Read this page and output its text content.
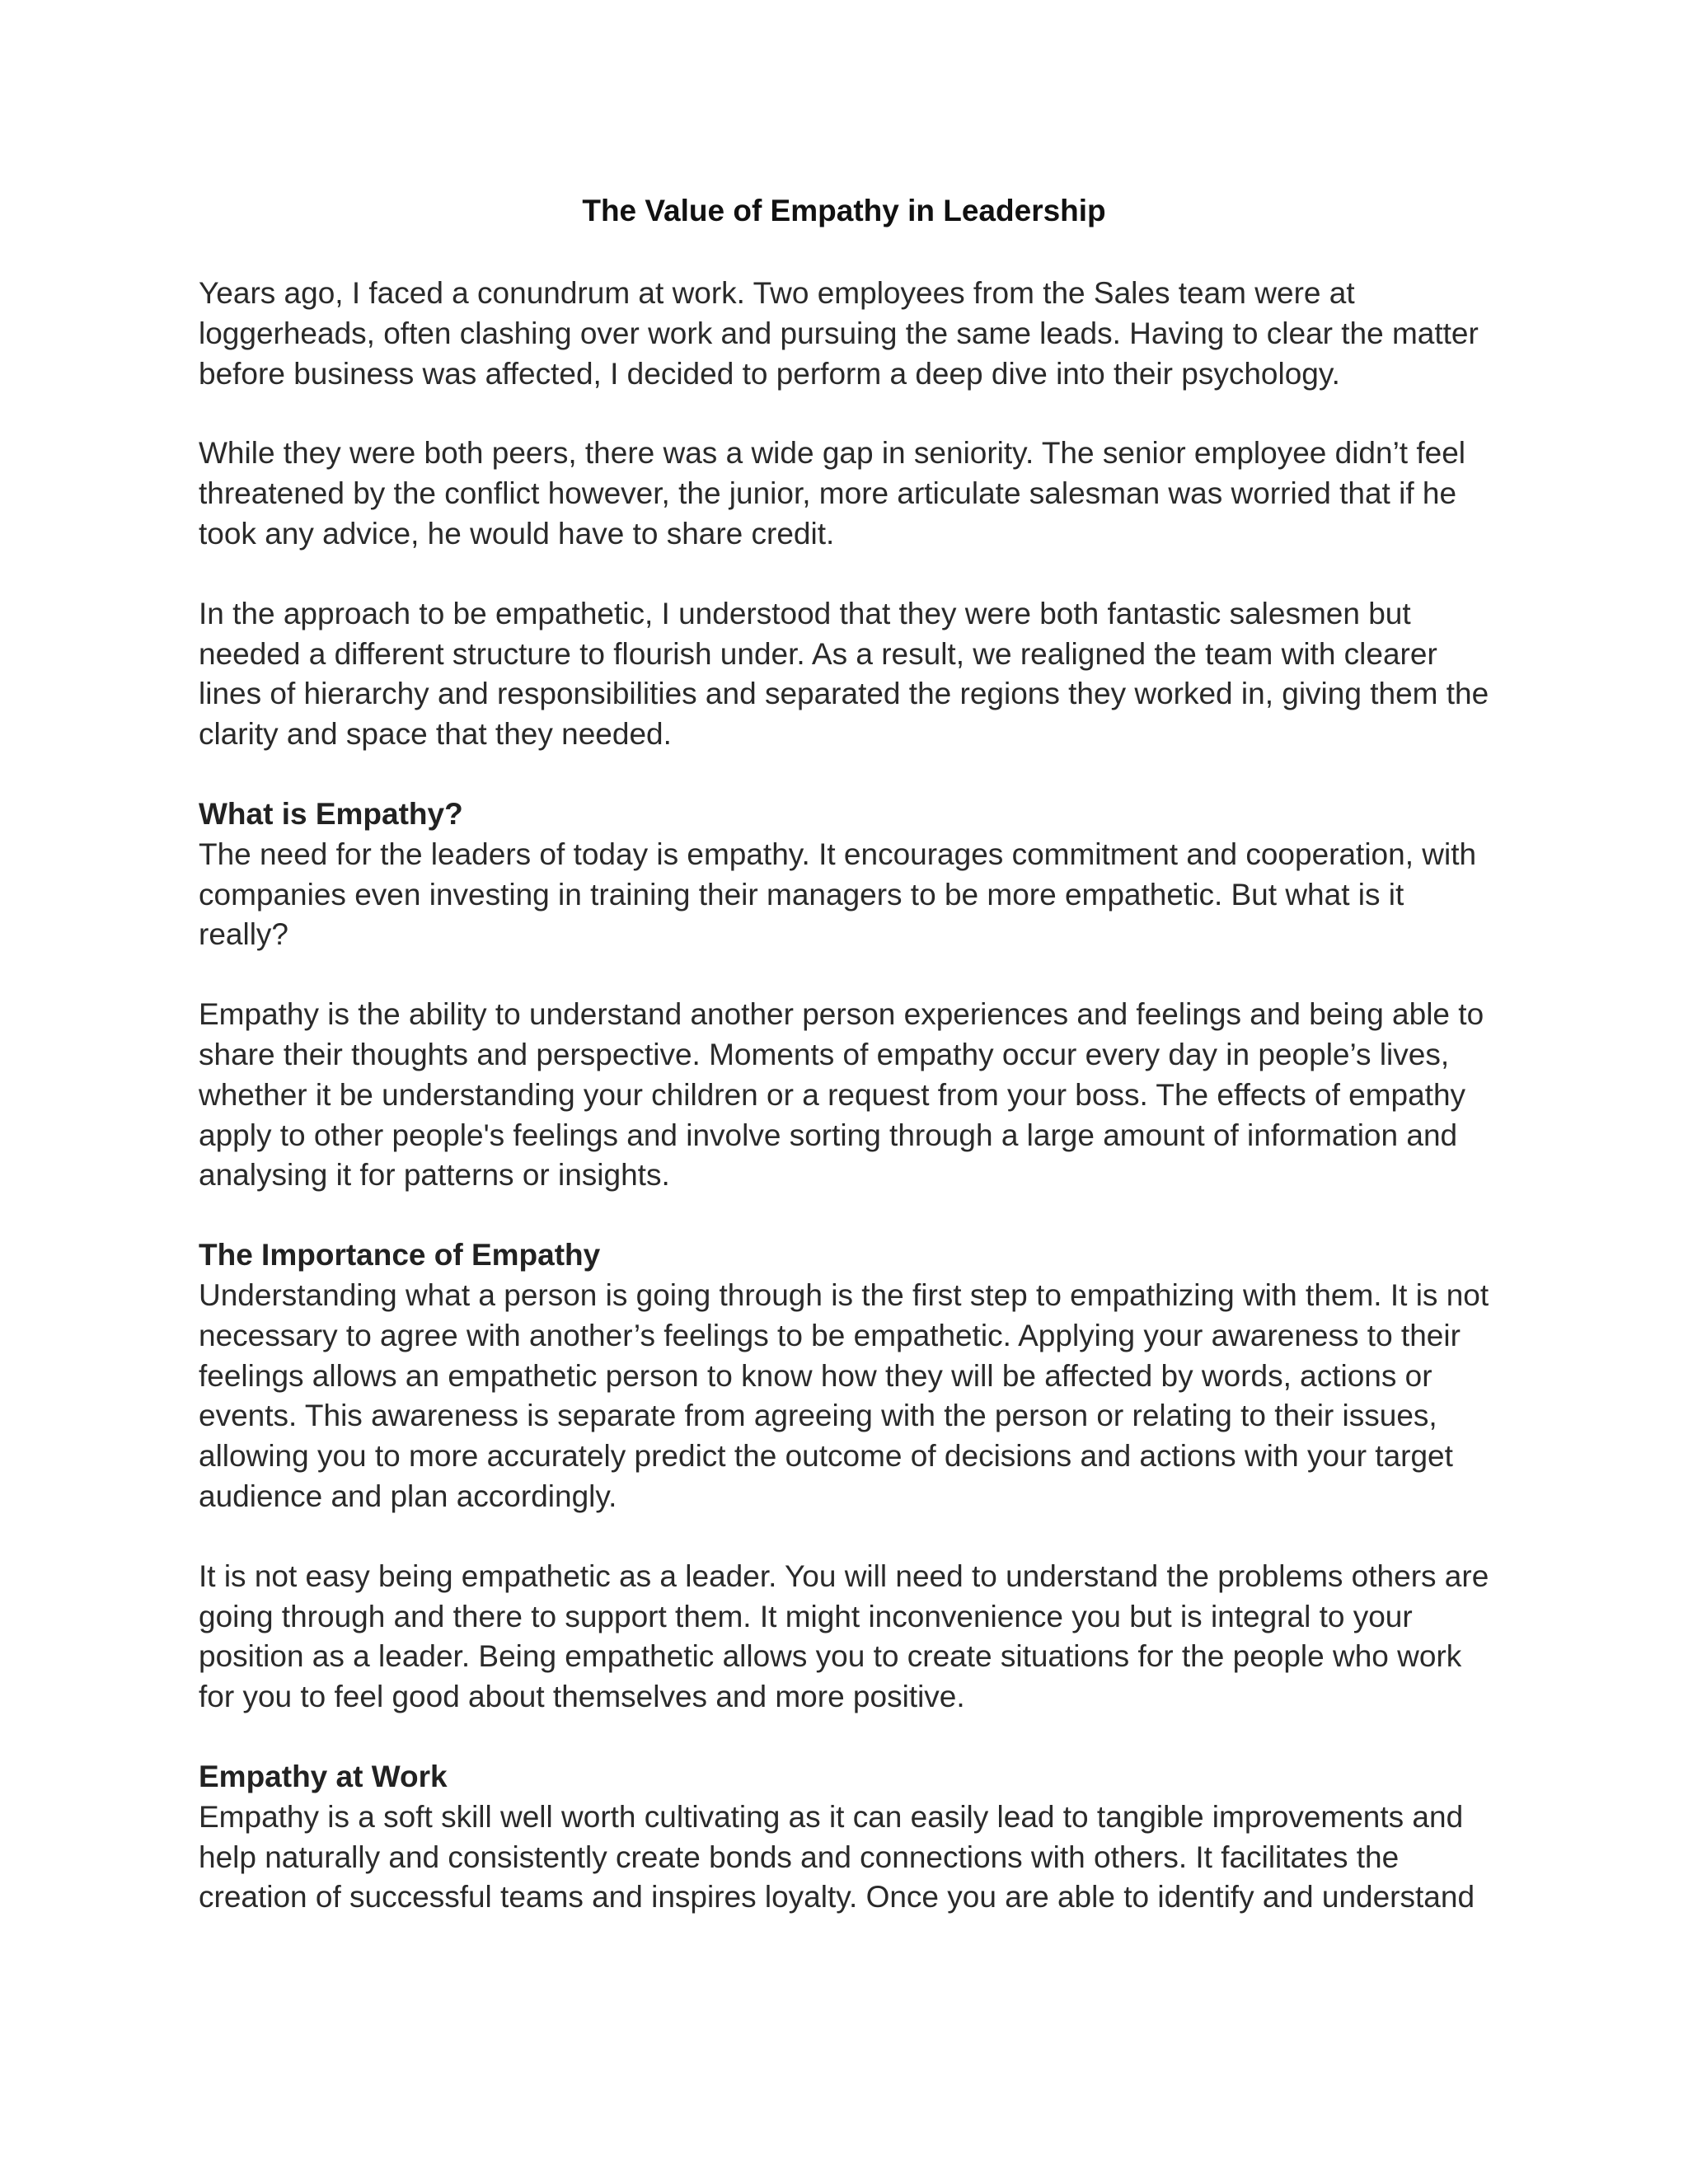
The Value of Empathy in Leadership
Years ago, I faced a conundrum at work. Two employees from the Sales team were at
loggerheads, often clashing over work and pursuing the same leads. Having to clear the matter
before business was affected, I decided to perform a deep dive into their psychology.
While they were both peers, there was a wide gap in seniority. The senior employee didn’t feel
threatened by the conflict however, the junior, more articulate salesman was worried that if he
took any advice, he would have to share credit.
In the approach to be empathetic, I understood that they were both fantastic salesmen but
needed a different structure to flourish under. As a result, we realigned the team with clearer
lines of hierarchy and responsibilities and separated the regions they worked in, giving them the
clarity and space that they needed.
What is Empathy?
The need for the leaders of today is empathy. It encourages commitment and cooperation, with
companies even investing in training their managers to be more empathetic. But what is it
really?
Empathy is the ability to understand another person experiences and feelings and being able to
share their thoughts and perspective. Moments of empathy occur every day in people’s lives,
whether it be understanding your children or a request from your boss. The effects of empathy
apply to other people's feelings and involve sorting through a large amount of information and
analysing it for patterns or insights.
The Importance of Empathy
Understanding what a person is going through is the first step to empathizing with them. It is not
necessary to agree with another’s feelings to be empathetic. Applying your awareness to their
feelings allows an empathetic person to know how they will be affected by words, actions or
events. This awareness is separate from agreeing with the person or relating to their issues,
allowing you to more accurately predict the outcome of decisions and actions with your target
audience and plan accordingly.
It is not easy being empathetic as a leader. You will need to understand the problems others are
going through and there to support them. It might inconvenience you but is integral to your
position as a leader. Being empathetic allows you to create situations for the people who work
for you to feel good about themselves and more positive.
Empathy at Work
Empathy is a soft skill well worth cultivating as it can easily lead to tangible improvements and
help naturally and consistently create bonds and connections with others. It facilitates the
creation of successful teams and inspires loyalty. Once you are able to identify and understand
